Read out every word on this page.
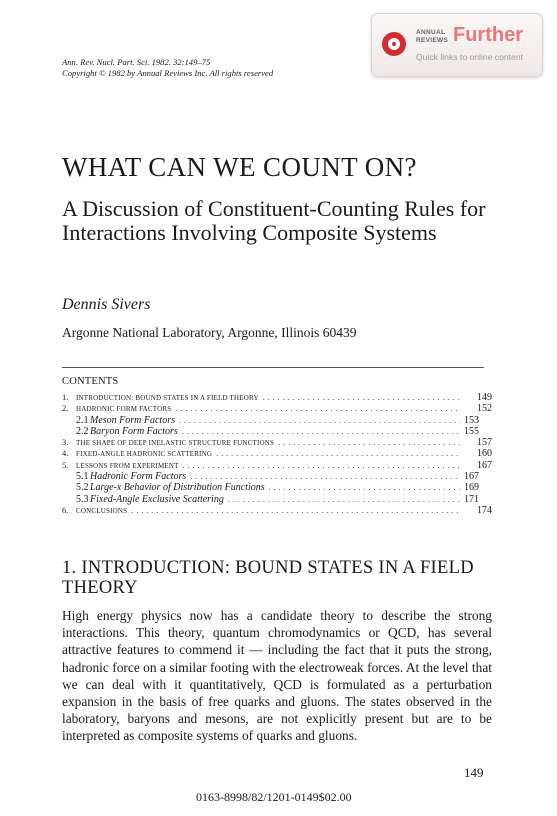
Ann. Rev. Nucl. Part. Sci. 1982. 32:149–75
Copyright © 1982 by Annual Reviews Inc. All rights reserved
ANNUAL
REVIEWS Further
Quick links to online content
WHAT CAN WE COUNT ON?
A Discussion of Constituent-Counting Rules for Interactions Involving Composite Systems
Dennis Sivers
Argonne National Laboratory, Argonne, Illinois 60439
CONTENTS
1.	INTRODUCTION: BOUND STATES IN A FIELD THEORY . . .	149
2.	HADRONIC FORM FACTORS . . .	152
2.1 Meson Form Factors . . .	153
2.2 Baryon Form Factors . . .	155
3.	THE SHAPE OF DEEP INELASTIC STRUCTURE FUNCTIONS . . .	157
4.	FIXED-ANGLE HADRONIC SCATTERING . . .	160
5.	LESSONS FROM EXPERIMENT . . .	167
5.1 Hadronic Form Factors . . .	167
5.2 Large-x Behavior of Distribution Functions . . .	169
5.3 Fixed-Angle Exclusive Scattering . . .	171
6.	CONCLUSIONS . . .	174
1. INTRODUCTION: BOUND STATES IN A FIELD THEORY
High energy physics now has a candidate theory to describe the strong interactions. This theory, quantum chromodynamics or QCD, has several attractive features to commend it — including the fact that it puts the strong, hadronic force on a similar footing with the electroweak forces. At the level that we can deal with it quantitatively, QCD is formulated as a perturbation expansion in the basis of free quarks and gluons. The states observed in the laboratory, baryons and mesons, are not explicitly present but are to be interpreted as composite systems of quarks and gluons.
149
0163-8998/82/1201-0149$02.00
